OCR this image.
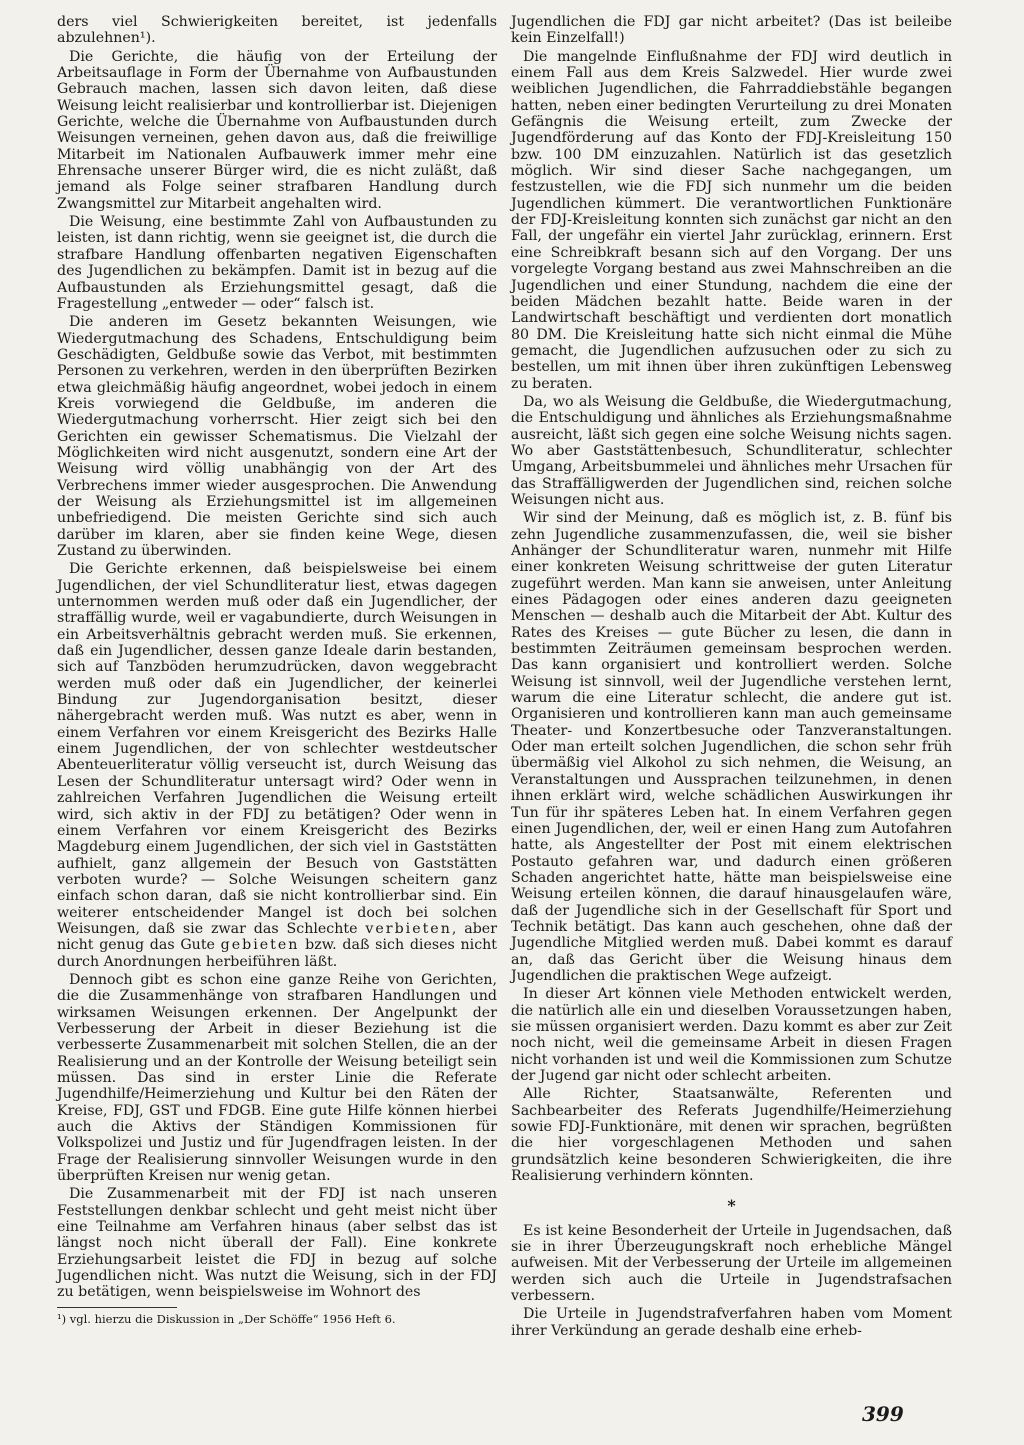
ders viel Schwierigkeiten bereitet, ist jedenfalls abzulehnen¹).

Die Gerichte, die häufig von der Erteilung der Arbeitsauflage in Form der Übernahme von Aufbaustunden Gebrauch machen, lassen sich davon leiten, daß diese Weisung leicht realisierbar und kontrollierbar ist. Diejenigen Gerichte, welche die Übernahme von Aufbaustunden durch Weisungen verneinen, gehen davon aus, daß die freiwillige Mitarbeit im Nationalen Aufbauwerk immer mehr eine Ehrensache unserer Bürger wird, die es nicht zuläßt, daß jemand als Folge seiner strafbaren Handlung durch Zwangsmittel zur Mitarbeit angehalten wird.

Die Weisung, eine bestimmte Zahl von Aufbaustunden zu leisten, ist dann richtig, wenn sie geeignet ist, die durch die strafbare Handlung offenbarten negativen Eigenschaften des Jugendlichen zu bekämpfen. Damit ist in bezug auf die Aufbaustunden als Erziehungsmittel gesagt, daß die Fragestellung „entweder — oder“ falsch ist.

Die anderen im Gesetz bekannten Weisungen, wie Wiedergutmachung des Schadens, Entschuldigung beim Geschädigten, Geldbuße sowie das Verbot, mit bestimmten Personen zu verkehren, werden in den überprüften Bezirken etwa gleichmäßig häufig angeordnet, wobei jedoch in einem Kreis vorwiegend die Geldbuße, im anderen die Wiedergutmachung vorherrscht. Hier zeigt sich bei den Gerichten ein gewisser Schematismus. Die Vielzahl der Möglichkeiten wird nicht ausgenutzt, sondern eine Art der Weisung wird völlig unabhängig von der Art des Verbrechens immer wieder ausgesprochen. Die Anwendung der Weisung als Erziehungsmittel ist im allgemeinen unbefriedigend. Die meisten Gerichte sind sich auch darüber im klaren, aber sie finden keine Wege, diesen Zustand zu überwinden.

Die Gerichte erkennen, daß beispielsweise bei einem Jugendlichen, der viel Schundliteratur liest, etwas dagegen unternommen werden muß oder daß ein Jugendlicher, der straffällig wurde, weil er vagabundierte, durch Weisungen in ein Arbeitsverhältnis gebracht werden muß. Sie erkennen, daß ein Jugendlicher, dessen ganze Ideale darin bestanden, sich auf Tanzböden herumzudrücken, davon weggebracht werden muß oder daß ein Jugendlicher, der keinerlei Bindung zur Jugendorganisation besitzt, dieser nähergebracht werden muß. Was nutzt es aber, wenn in einem Verfahren vor einem Kreisgericht des Bezirks Halle einem Jugendlichen, der von schlechter westdeutscher Abenteuerliteratur völlig verseucht ist, durch Weisung das Lesen der Schundliteratur untersagt wird? Oder wenn in zahlreichen Verfahren Jugendlichen die Weisung erteilt wird, sich aktiv in der FDJ zu betätigen? Oder wenn in einem Verfahren vor einem Kreisgericht des Bezirks Magdeburg einem Jugendlichen, der sich viel in Gaststätten aufhielt, ganz allgemein der Besuch von Gaststätten verboten wurde? — Solche Weisungen scheitern ganz einfach schon daran, daß sie nicht kontrollierbar sind. Ein weiterer entscheidender Mangel ist doch bei solchen Weisungen, daß sie zwar das Schlechte verbieten, aber nicht genug das Gute gebieten bzw. daß sich dieses nicht durch Anordnungen herbeiführen läßt.

Dennoch gibt es schon eine ganze Reihe von Gerichten, die die Zusammenhänge von strafbaren Handlungen und wirksamen Weisungen erkennen. Der Angelpunkt der Verbesserung der Arbeit in dieser Beziehung ist die verbesserte Zusammenarbeit mit solchen Stellen, die an der Realisierung und an der Kontrolle der Weisung beteiligt sein müssen. Das sind in erster Linie die Referate Jugendhilfe/Heimerziehung und Kultur bei den Räten der Kreise, FDJ, GST und FDGB. Eine gute Hilfe können hierbei auch die Aktivs der Ständigen Kommissionen für Volkspolizei und Justiz und für Jugendfragen leisten. In der Frage der Realisierung sinnvoller Weisungen wurde in den überprüften Kreisen nur wenig getan.

Die Zusammenarbeit mit der FDJ ist nach unseren Feststellungen denkbar schlecht und geht meist nicht über eine Teilnahme am Verfahren hinaus (aber selbst das ist längst noch nicht überall der Fall). Eine konkrete Erziehungsarbeit leistet die FDJ in bezug auf solche Jugendlichen nicht. Was nutzt die Weisung, sich in der FDJ zu betätigen, wenn beispielsweise im Wohnort des

¹) vgl. hierzu die Diskussion in „Der Schöffe“ 1956 Heft 6.

Jugendlichen die FDJ gar nicht arbeitet? (Das ist beileibe kein Einzelfall!)

Die mangelnde Einflußnahme der FDJ wird deutlich in einem Fall aus dem Kreis Salzwedel. Hier wurde zwei weiblichen Jugendlichen, die Fahrraddiebstähle begangen hatten, neben einer bedingten Verurteilung zu drei Monaten Gefängnis die Weisung erteilt, zum Zwecke der Jugendförderung auf das Konto der FDJ-Kreisleitung 150 bzw. 100 DM einzuzahlen. Natürlich ist das gesetzlich möglich. Wir sind dieser Sache nachgegangen, um festzustellen, wie die FDJ sich nunmehr um die beiden Jugendlichen kümmert. Die verantwortlichen Funktionäre der FDJ-Kreisleitung konnten sich zunächst gar nicht an den Fall, der ungefähr ein viertel Jahr zurücklag, erinnern. Erst eine Schreibkraft besann sich auf den Vorgang. Der uns vorgelegte Vorgang bestand aus zwei Mahnschreiben an die Jugendlichen und einer Stundung, nachdem die eine der beiden Mädchen bezahlt hatte. Beide waren in der Landwirtschaft beschäftigt und verdienten dort monatlich 80 DM. Die Kreisleitung hatte sich nicht einmal die Mühe gemacht, die Jugendlichen aufzusuchen oder zu sich zu bestellen, um mit ihnen über ihren zukünftigen Lebensweg zu beraten.

Da, wo als Weisung die Geldbuße, die Wiedergutmachung, die Entschuldigung und ähnliches als Erziehungsmaßnahme ausreicht, läßt sich gegen eine solche Weisung nichts sagen. Wo aber Gaststättenbesuch, Schundliteratur, schlechter Umgang, Arbeitsbummelei und ähnliches mehr Ursachen für das Straffälligwerden der Jugendlichen sind, reichen solche Weisungen nicht aus.

Wir sind der Meinung, daß es möglich ist, z. B. fünf bis zehn Jugendliche zusammenzufassen, die, weil sie bisher Anhänger der Schundliteratur waren, nunmehr mit Hilfe einer konkreten Weisung schrittweise der guten Literatur zugeführt werden. Man kann sie anweisen, unter Anleitung eines Pädagogen oder eines anderen dazu geeigneten Menschen — deshalb auch die Mitarbeit der Abt. Kultur des Rates des Kreises — gute Bücher zu lesen, die dann in bestimmten Zeiträumen gemeinsam besprochen werden. Das kann organisiert und kontrolliert werden. Solche Weisung ist sinnvoll, weil der Jugendliche verstehen lernt, warum die eine Literatur schlecht, die andere gut ist. Organisieren und kontrollieren kann man auch gemeinsame Theater- und Konzertbesuche oder Tanzveranstaltungen. Oder man erteilt solchen Jugendlichen, die schon sehr früh übermäßig viel Alkohol zu sich nehmen, die Weisung, an Veranstaltungen und Aussprachen teilzunehmen, in denen ihnen erklärt wird, welche schädlichen Auswirkungen ihr Tun für ihr späteres Leben hat. In einem Verfahren gegen einen Jugendlichen, der, weil er einen Hang zum Autofahren hatte, als Angestellter der Post mit einem elektrischen Postauto gefahren war, und dadurch einen größeren Schaden angerichtet hatte, hätte man beispielsweise eine Weisung erteilen können, die darauf hinausgelaufen wäre, daß der Jugendliche sich in der Gesellschaft für Sport und Technik betätigt. Das kann auch geschehen, ohne daß der Jugendliche Mitglied werden muß. Dabei kommt es darauf an, daß das Gericht über die Weisung hinaus dem Jugendlichen die praktischen Wege aufzeigt.

In dieser Art können viele Methoden entwickelt werden, die natürlich alle ein und dieselben Voraussetzungen haben, sie müssen organisiert werden. Dazu kommt es aber zur Zeit noch nicht, weil die gemeinsame Arbeit in diesen Fragen nicht vorhanden ist und weil die Kommissionen zum Schutze der Jugend gar nicht oder schlecht arbeiten.

Alle Richter, Staatsanwälte, Referenten und Sachbearbeiter des Referats Jugendhilfe/Heimerziehung sowie FDJ-Funktionäre, mit denen wir sprachen, begrüßten die hier vorgeschlagenen Methoden und sahen grundsätzlich keine besonderen Schwierigkeiten, die ihre Realisierung verhindern könnten.

*

Es ist keine Besonderheit der Urteile in Jugendsachen, daß sie in ihrer Überzeugungskraft noch erhebliche Mängel aufweisen. Mit der Verbesserung der Urteile im allgemeinen werden sich auch die Urteile in Jugendstrafsachen verbessern.

Die Urteile in Jugendstrafverfahren haben vom Moment ihrer Verkündung an gerade deshalb eine erheb-

399
